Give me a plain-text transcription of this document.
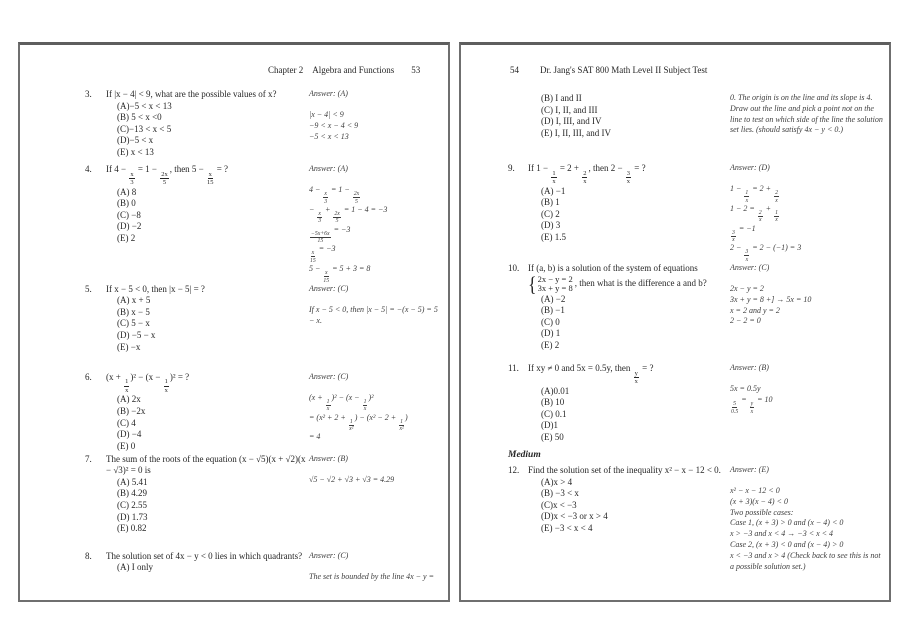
Chapter 2 Algebra and Functions 53
3.	If |x − 4| < 9, what are the possible values of x?
(A)−5 < x < 13
(B) 5 < x <0
(C)−13 < x < 5
(D)−5 < x
(E) x < 13
Answer: (A)
|x − 4| < 9
−9 < x − 4 < 9
−5 < x < 13
4.	If 4 −
$\frac{x}{3}$
= 1 −
$\frac{2x}{5}$
, then 5 −
$\frac{x}{15}$
= ?
(A) 8
(B) 0
(C) −8
(D) −2
(E) 2
Answer: (A)
4 −
$\frac{x}{3}$
= 1 −
$\frac{2x}{5}$
−
$\frac{x}{3}$
+
$\frac{2x}{5}$
= 1 − 4 = −3
$\frac{-5x+6x}{15}$
= −3
$\frac{x}{15}$
= −3
5 −
$\frac{x}{15}$
= 5 + 3 = 8
5.	If x − 5 < 0, then |x − 5| = ?
(A) x + 5
(B) x − 5
(C) 5 − x
(D) −5 − x
(E) −x
Answer: (C)
If x − 5 < 0, then |x − 5| = −(x − 5) = 5 − x.
6.	(x +
$\frac{1}{x}$
)² − (x −
$\frac{1}{x}$
)² = ?
(A) 2x
(B) −2x
(C) 4
(D) −4
(E) 0
Answer: (C)
(x +
$\frac{1}{x}$
)² − (x −
$\frac{1}{x}$
)²
= (x² + 2 +
$\frac{1}{\text{x²}}$
) − (x² − 2 +
$\frac{1}{\text{x²}}$
)
= 4
7.	The sum of the roots of the equation (x − √5)(x + √2)(x − √3)² = 0 is
(A) 5.41
(B) 4.29
(C) 2.55
(D) 1.73
(E) 0.82
Answer: (B)
√5 − √2 + √3 + √3 = 4.29
8.	The solution set of 4x − y < 0 lies in which quadrants?
(A) I only
Answer: (C)
The set is bounded by the line 4x − y =
54 Dr. Jang's SAT 800 Math Level II Subject Test
(B) I and II
(C) I, II, and III
(D) I, III, and IV
(E) I, II, III, and IV
0. The origin is on the line and its slope is 4.
Draw out the line and pick a point not on the line to test on which side of the line the solution set lies. (should satisfy 4x − y < 0.)
9.	If 1 −
$\frac{1}{x}$
= 2 +
$\frac{2}{x}$
, then 2 −
$\frac{3}{x}$
= ?
(A) −1
(B) 1
(C) 2
(D) 3
(E) 1.5
Answer: (D)
1 −
$\frac{1}{x}$
= 2 +
$\frac{2}{x}$
1 − 2 =
$\frac{2}{x}$
+
$\frac{1}{x}$
$\frac{3}{x}$
= −1
2 −
$\frac{3}{x}$
= 2 − (−1) = 3
10. If (a, b) is a solution of the system of equations
{ 2x − y = 2
3x + y = 8 , then what is the difference a and b?
(A) −2
(B) −1
(C) 0
(D) 1
(E) 2
Answer: (C)
2x − y = 2
3x + y = 8 +] → 5x = 10
x = 2 and y = 2
2 − 2 = 0
11.	If xy ≠ 0 and 5x = 0.5y, then
$\frac{y}{x}$
= ?
(A)0.01
(B) 10
(C) 0.1
(D)1
(E) 50
Answer: (B)
5x = 0.5y
$\frac{5}{0.5}$
=
$\frac{y}{x}$
= 10
Medium
12. Find the solution set of the inequality x² − x − 12 < 0.
(A)x > 4
(B) −3 < x
(C)x < −3
(D)x < −3 or x > 4
(E) −3 < x < 4
Answer: (E)
x² − x − 12 < 0
(x + 3)(x − 4) < 0
Two possible cases:
Case 1, (x + 3) > 0 and (x − 4) < 0
x > −3 and x < 4 → −3 < x < 4
Case 2, (x + 3) < 0 and (x − 4) > 0
x < −3 and x > 4 (Check back to see this is not a possible solution set.)
